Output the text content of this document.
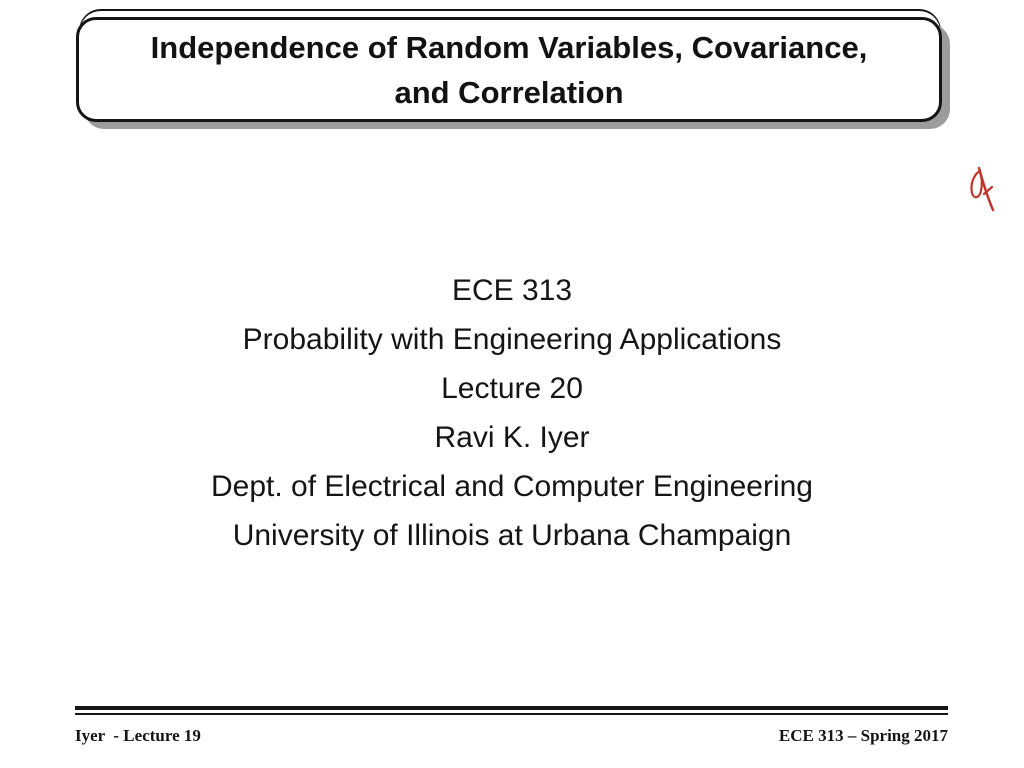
Independence of Random Variables, Covariance,
and Correlation
ECE 313
Probability with Engineering Applications
Lecture 20
Ravi K. Iyer
Dept. of Electrical and Computer Engineering
University of Illinois at Urbana Champaign
Iyer  - Lecture 19	ECE 313 – Spring 2017
